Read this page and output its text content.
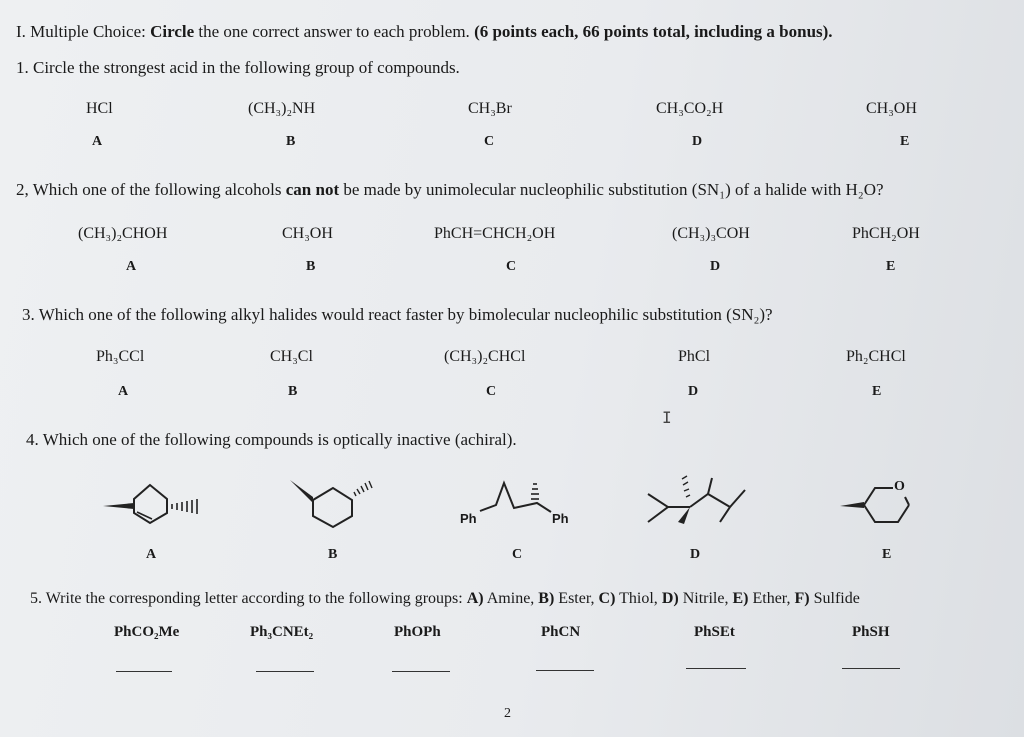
I. Multiple Choice: Circle the one correct answer to each problem. (6 points each, 66 points total, including a bonus).
1. Circle the strongest acid in the following group of compounds.
HCl	(CH₃)₂NH	CH₃Br	CH₃CO₂H	CH₃OH
A	B	C	D	E
2, Which one of the following alcohols can not be made by unimolecular nucleophilic substitution (SN₁) of a halide with H₂O?
(CH₃)₂CHOH	CH₃OH	PhCH=CHCH₂OH	(CH₃)₃COH	PhCH₂OH
A	B	C	D	E
3. Which one of the following alkyl halides would react faster by bimolecular nucleophilic substitution (SN₂)?
Ph₃CCl	CH₃Cl	(CH₃)₂CHCl	PhCl	Ph₂CHCl
A	B	C	D	E
I
4. Which one of the following compounds is optically inactive (achiral).
Ph	Ph
O
A	B	C	D	E
5. Write the corresponding letter according to the following groups: A) Amine, B) Ester, C) Thiol, D) Nitrile, E) Ether, F) Sulfide
PhCO₂Me	Ph₃CNEt₂	PhOPh	PhCN	PhSEt	PhSH
2
